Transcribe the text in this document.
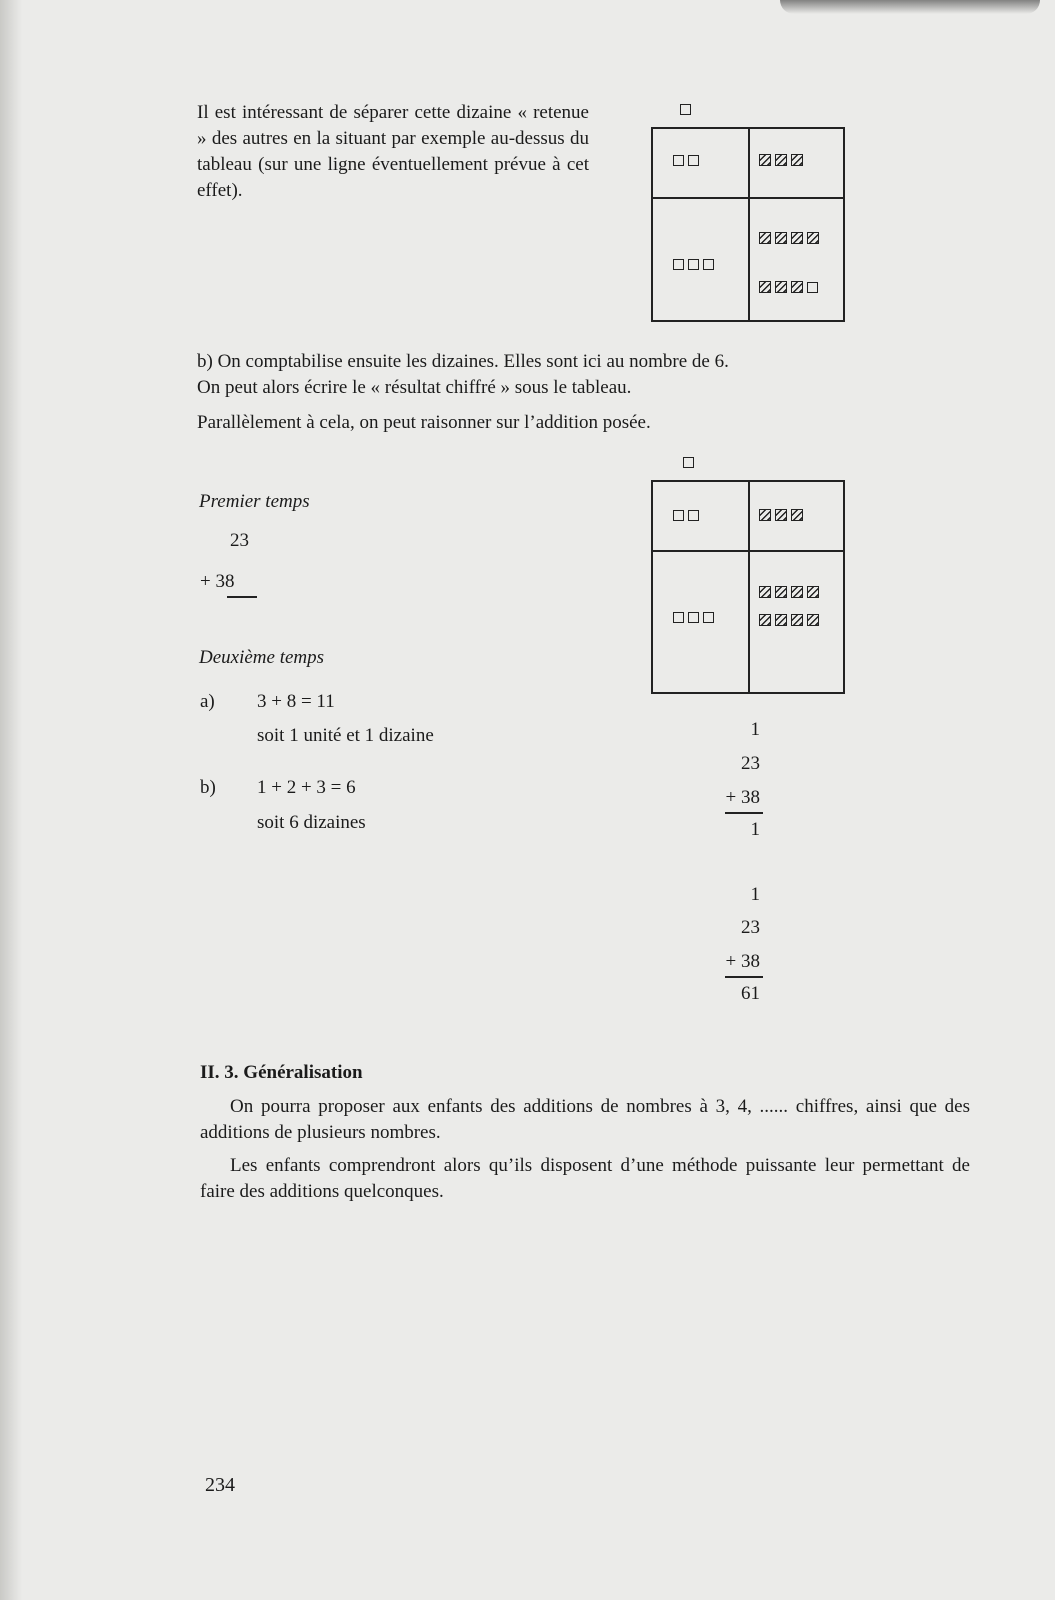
Il est intéressant de séparer cette dizaine « retenue » des autres en la situant par exemple au-dessus du tableau (sur une ligne éventuellement prévue à cet effet).
b) On comptabilise ensuite les dizaines. Elles sont ici au nombre de 6.
On peut alors écrire le « résultat chiffré » sous le tableau.
Parallèlement à cela, on peut raisonner sur l’addition posée.
Premier temps
23
+ 38
Deuxième temps
a) 3 + 8 = 11
soit 1 unité et 1 dizaine
b) 1 + 2 + 3 = 6
soit 6 dizaines
1
23
+ 38
1
1
23
+ 38
61
II. 3. Généralisation
On pourra proposer aux enfants des additions de nombres à 3, 4, ...... chiffres, ainsi que des additions de plusieurs nombres.
Les enfants comprendront alors qu’ils disposent d’une méthode puissante leur permettant de faire des additions quelconques.
234
